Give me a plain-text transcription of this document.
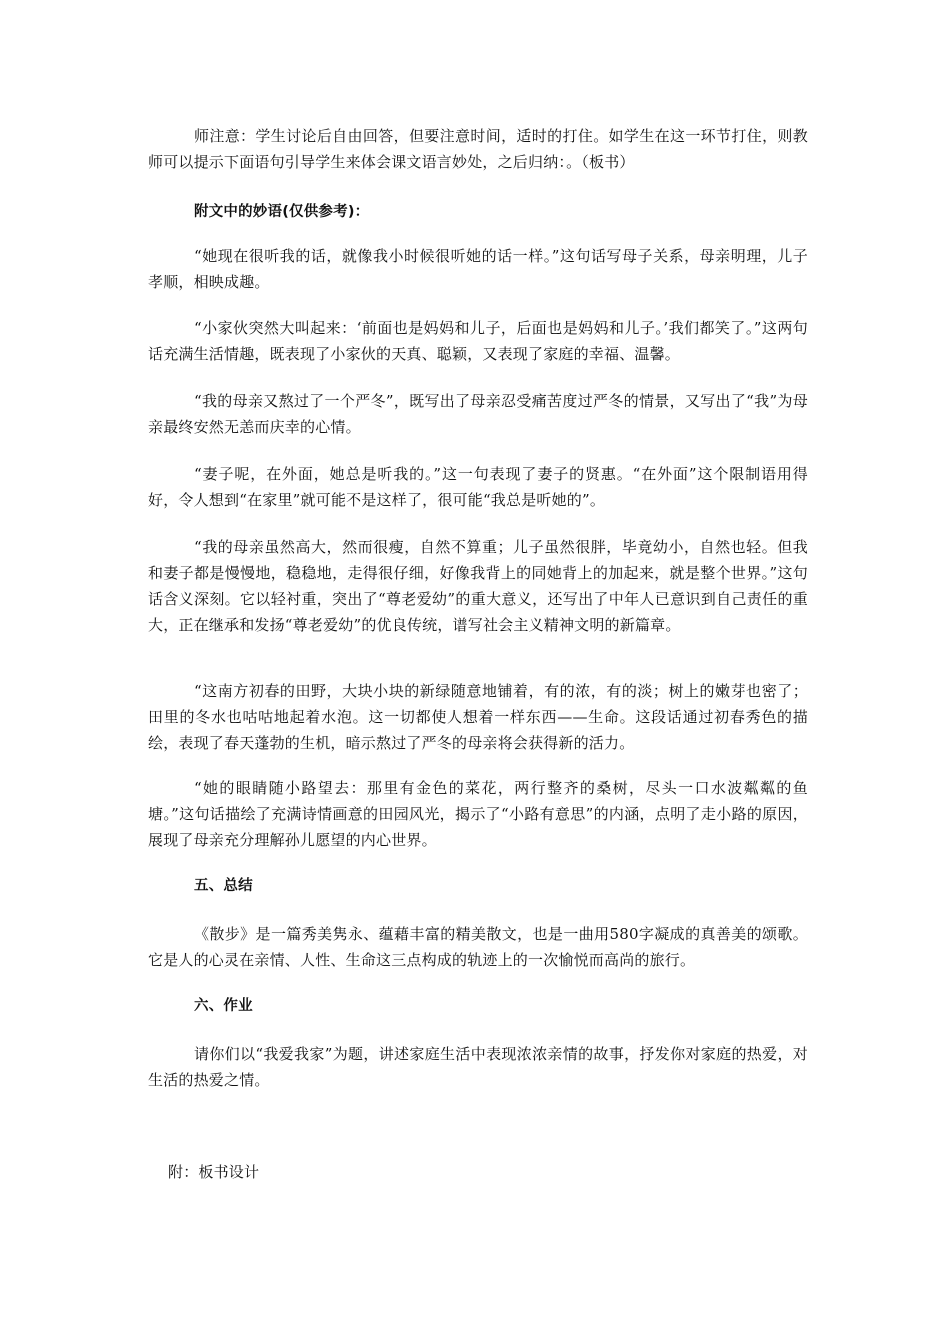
师注意：学生讨论后自由回答，但要注意时间，适时的打住。如学生在这一环节打住，则教师可以提示下面语句引导学生来体会课文语言妙处，之后归纳：。（板书）

附文中的妙语(仅供参考)：

“她现在很听我的话，就像我小时候很听她的话一样。”这句话写母子关系，母亲明理，儿子孝顺，相映成趣。

“小家伙突然大叫起来：‘前面也是妈妈和儿子，后面也是妈妈和儿子。’我们都笑了。”这两句话充满生活情趣，既表现了小家伙的天真、聪颖，又表现了家庭的幸福、温馨。

“我的母亲又熬过了一个严冬”，既写出了母亲忍受痛苦度过严冬的情景，又写出了“我”为母亲最终安然无恙而庆幸的心情。

“妻子呢，在外面，她总是听我的。”这一句表现了妻子的贤惠。“在外面”这个限制语用得好，令人想到“在家里”就可能不是这样了，很可能“我总是听她的”。

“我的母亲虽然高大，然而很瘦，自然不算重；儿子虽然很胖，毕竟幼小，自然也轻。但我和妻子都是慢慢地，稳稳地，走得很仔细，好像我背上的同她背上的加起来，就是整个世界。”这句话含义深刻。它以轻衬重，突出了“尊老爱幼”的重大意义，还写出了中年人已意识到自己责任的重大，正在继承和发扬“尊老爱幼”的优良传统，谱写社会主义精神文明的新篇章。

“这南方初春的田野，大块小块的新绿随意地铺着，有的浓，有的淡；树上的嫩芽也密了；田里的冬水也咕咕地起着水泡。这一切都使人想着一样东西——生命。这段话通过初春秀色的描绘，表现了春天蓬勃的生机，暗示熬过了严冬的母亲将会获得新的活力。

“她的眼睛随小路望去：那里有金色的菜花，两行整齐的桑树，尽头一口水波粼粼的鱼塘。”这句话描绘了充满诗情画意的田园风光，揭示了“小路有意思”的内涵，点明了走小路的原因，展现了母亲充分理解孙儿愿望的内心世界。

五、总结

《散步》是一篇秀美隽永、蕴藉丰富的精美散文，也是一曲用580字凝成的真善美的颂歌。它是人的心灵在亲情、人性、生命这三点构成的轨迹上的一次愉悦而高尚的旅行。

六、作业

请你们以“我爱我家”为题，讲述家庭生活中表现浓浓亲情的故事，抒发你对家庭的热爱，对生活的热爱之情。

附：板书设计
